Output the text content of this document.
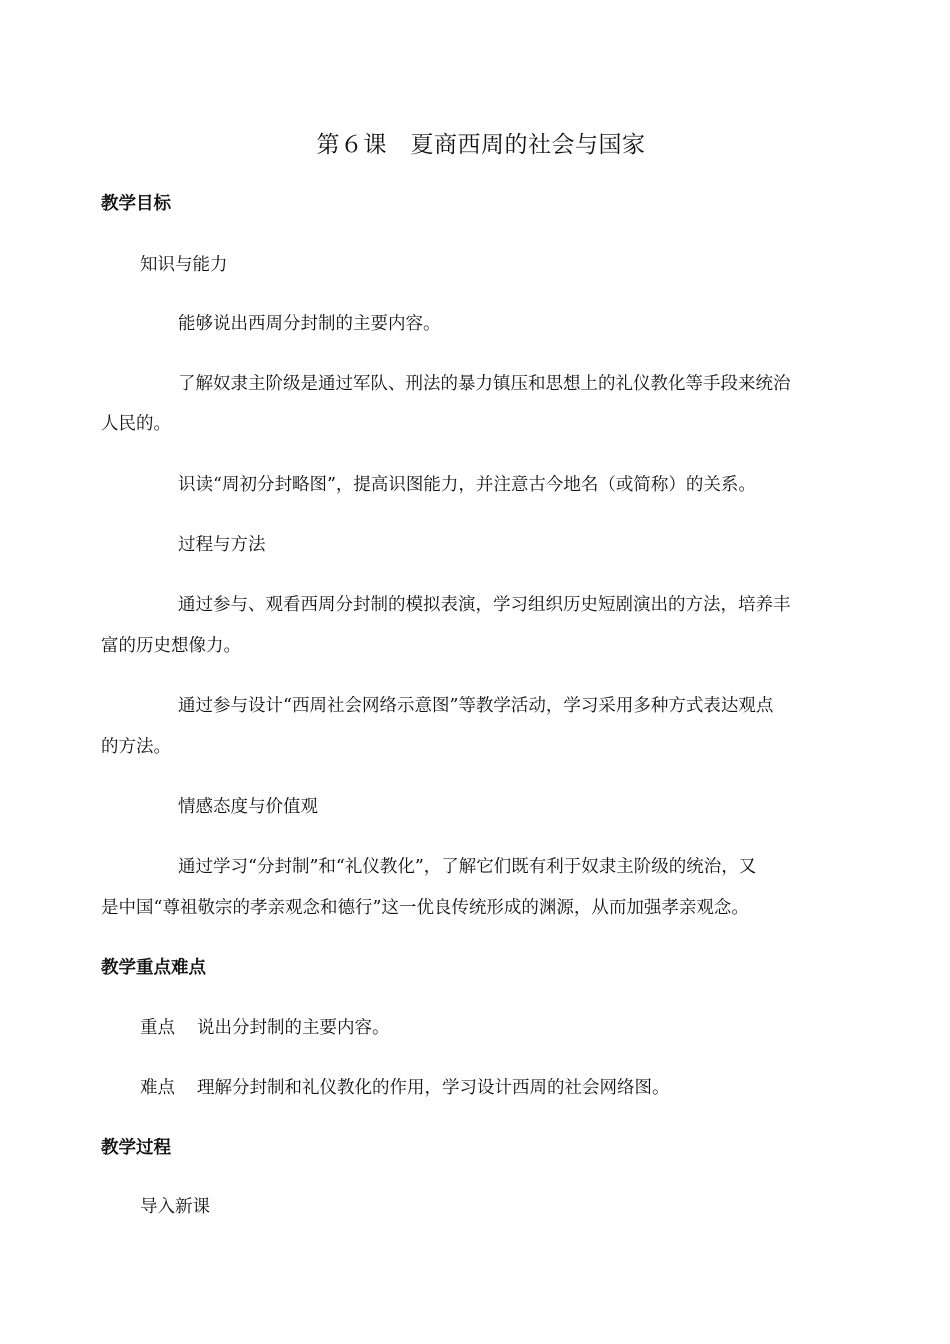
第６课　夏商西周的社会与国家
教学目标
知识与能力
能够说出西周分封制的主要内容。
了解奴隶主阶级是通过军队、刑法的暴力镇压和思想上的礼仪教化等手段来统治
人民的。
识读“周初分封略图”，提高识图能力，并注意古今地名（或简称）的关系。
过程与方法
通过参与、观看西周分封制的模拟表演，学习组织历史短剧演出的方法，培养丰
富的历史想像力。
通过参与设计“西周社会网络示意图”等教学活动，学习采用多种方式表达观点
的方法。
情感态度与价值观
通过学习“分封制”和“礼仪教化”，了解它们既有利于奴隶主阶级的统治，又
是中国“尊祖敬宗的孝亲观念和德行”这一优良传统形成的渊源，从而加强孝亲观念。
教学重点难点
重点 说出分封制的主要内容。
难点 理解分封制和礼仪教化的作用，学习设计西周的社会网络图。
教学过程
导入新课
